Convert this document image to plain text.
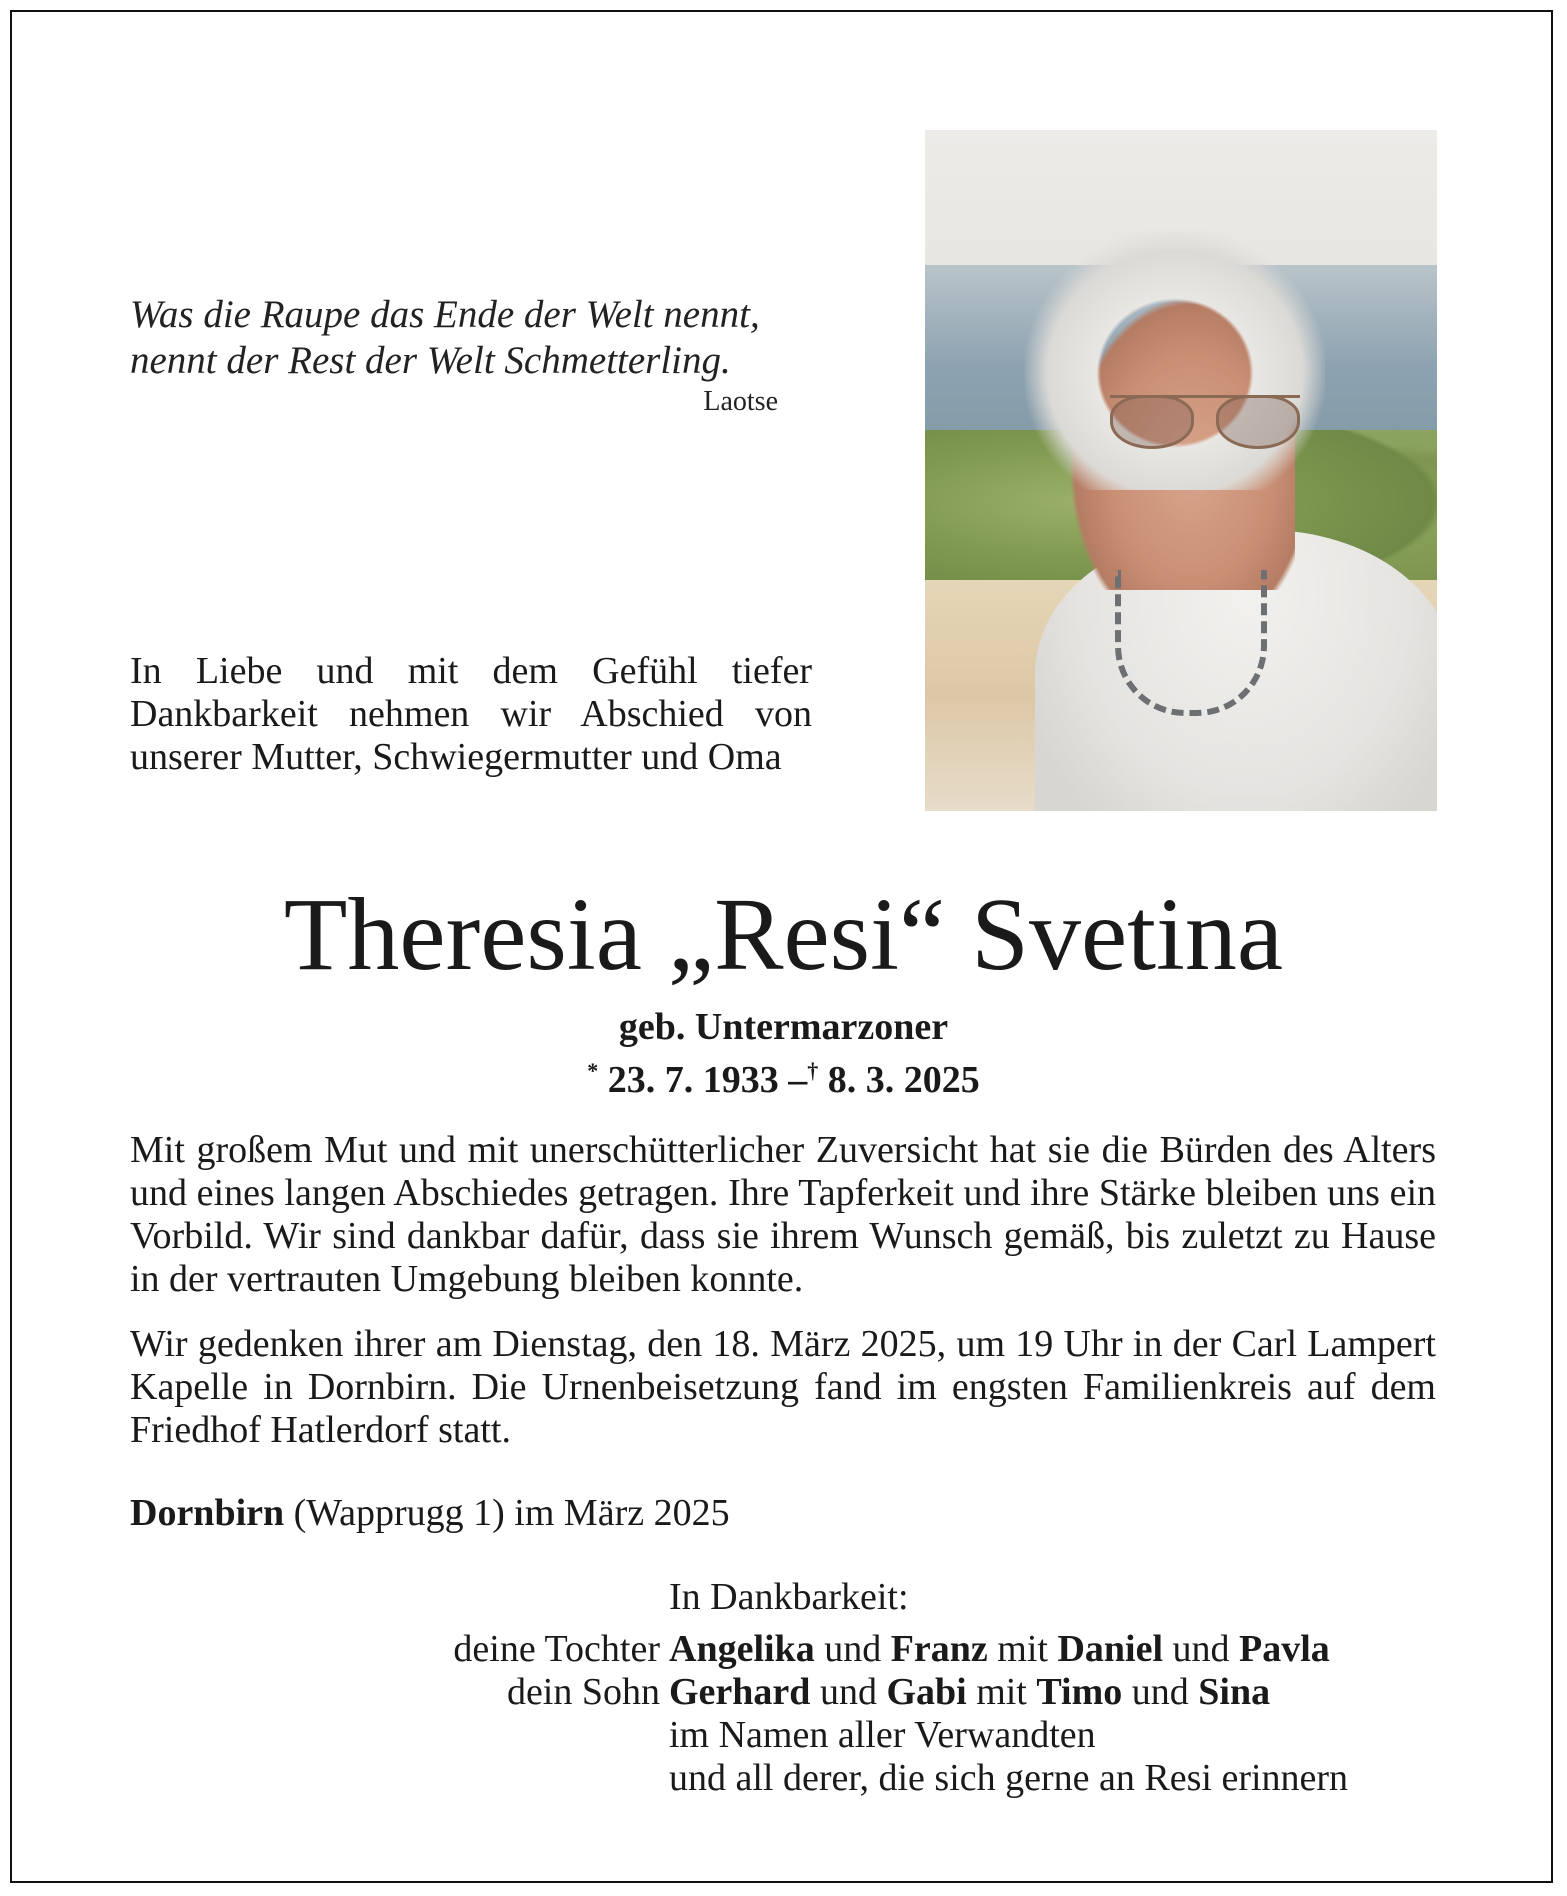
Was die Raupe das Ende der Welt nennt,
nennt der Rest der Welt Schmetterling.
Laotse
In Liebe und mit dem Gefühl tiefer Dankbarkeit nehmen wir Abschied von unserer Mutter, Schwiegermutter und Oma
Theresia „Resi“ Svetina
geb. Untermarzoner
* 23. 7. 1933 –† 8. 3. 2025
Mit großem Mut und mit unerschütterlicher Zuversicht hat sie die Bürden des Alters und eines langen Abschiedes getragen. Ihre Tapferkeit und ihre Stärke bleiben uns ein Vorbild. Wir sind dankbar dafür, dass sie ihrem Wunsch gemäß, bis zuletzt zu Hause in der vertrauten Umgebung bleiben konnte.
Wir gedenken ihrer am Dienstag, den 18. März 2025, um 19 Uhr in der Carl Lampert Kapelle in Dornbirn. Die Urnenbeisetzung fand im engsten Familienkreis auf dem Friedhof Hatlerdorf statt.
Dornbirn (Wapprugg 1) im März 2025
In Dankbarkeit:
deine Tochter Angelika und Franz mit Daniel und Pavla
dein Sohn Gerhard und Gabi mit Timo und Sina
im Namen aller Verwandten
und all derer, die sich gerne an Resi erinnern
